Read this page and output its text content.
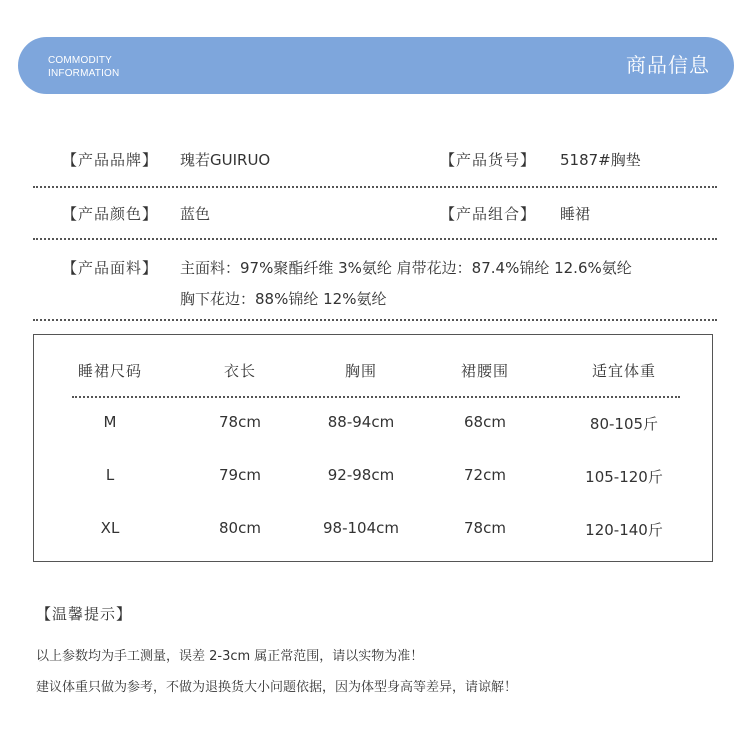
COMMODITY
INFORMATION	商品信息
【产品品牌】 瑰若GUIRUO	【产品货号】 5187#胸垫
【产品颜色】 蓝色	【产品组合】 睡裙
【产品面料】 主面料：97%聚酯纤维 3%氨纶 肩带花边：87.4%锦纶 12.6%氨纶
胸下花边：88%锦纶 12%氨纶
睡裙尺码	衣长	胸围	裙腰围	适宜体重
M	78cm	88-94cm	68cm	80-105斤
L	79cm	92-98cm	72cm	105-120斤
XL	80cm	98-104cm	78cm	120-140斤
【温馨提示】
以上参数均为手工测量，误差 2-3cm 属正常范围，请以实物为准！
建议体重只做为参考，不做为退换货大小问题依据，因为体型身高等差异，请谅解！
